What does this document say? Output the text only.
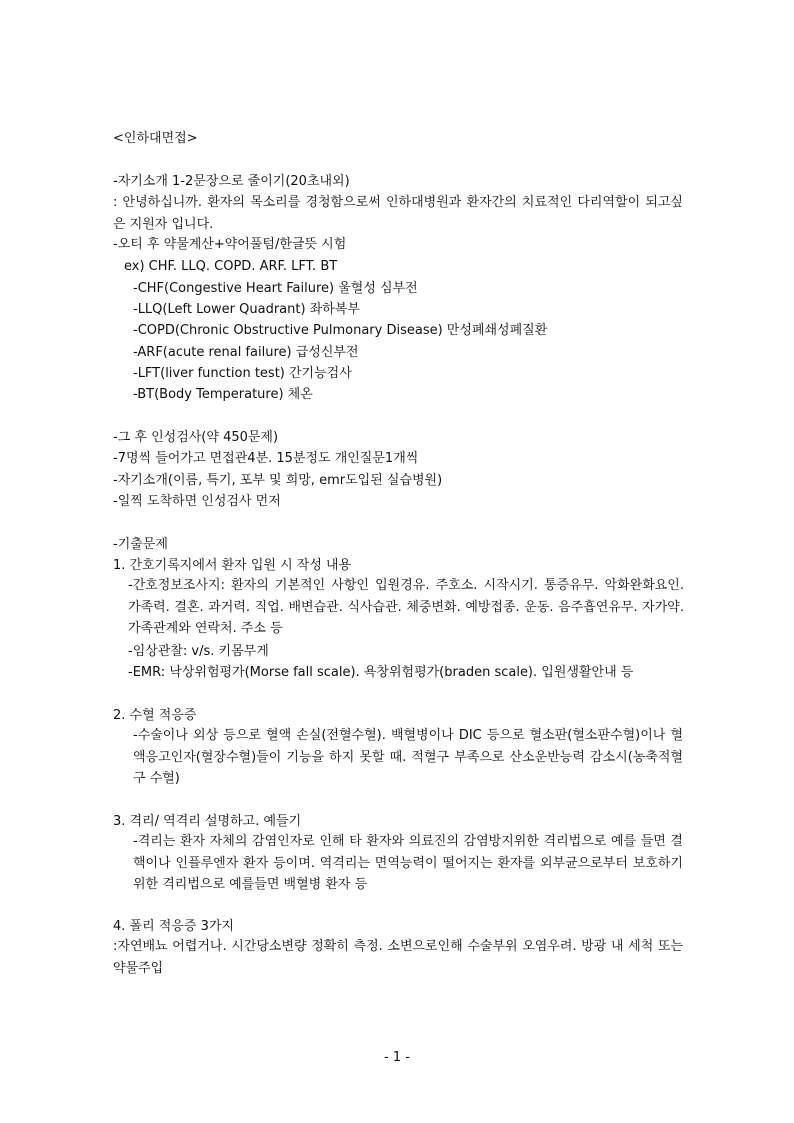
<인하대면접>
-자기소개 1-2문장으로 줄이기(20초내외)
: 안녕하십니까. 환자의 목소리를 경청함으로써 인하대병원과 환자간의 치료적인 다리역할이 되고싶은 지원자 입니다.
-오티 후 약물계산+약어풀텀/한글뜻 시험
ex) CHF. LLQ. COPD. ARF. LFT. BT
-CHF(Congestive Heart Failure) 울혈성 심부전
-LLQ(Left Lower Quadrant) 좌하복부
-COPD(Chronic Obstructive Pulmonary Disease) 만성폐쇄성폐질환
-ARF(acute renal failure) 급성신부전
-LFT(liver function test) 간기능검사
-BT(Body Temperature) 체온
-그 후 인성검사(약 450문제)
-7명씩 들어가고 면접관4분. 15분정도 개인질문1개씩
-자기소개(이름, 특기, 포부 및 희망, emr도입된 실습병원)
-일찍 도착하면 인성검사 먼저
-기출문제
1. 간호기록지에서 환자 입원 시 작성 내용
-간호정보조사지: 환자의 기본적인 사항인 입원경유. 주호소. 시작시기. 통증유무. 악화완화요인. 가족력. 결혼. 과거력. 직업. 배변습관. 식사습관. 체중변화. 예방접종. 운동. 음주흡연유무. 자가약. 가족관계와 연락처. 주소 등
-임상관찰: v/s. 키몸무게
-EMR: 낙상위험평가(Morse fall scale). 욕창위험평가(braden scale). 입원생활안내 등
2. 수혈 적응증
-수술이나 외상 등으로 혈액 손실(전혈수혈). 백혈병이나 DIC 등으로 혈소판(혈소판수혈)이나 혈액응고인자(혈장수혈)들이 기능을 하지 못할 때. 적혈구 부족으로 산소운반능력 감소시(농축적혈구 수혈)
3. 격리/ 역격리 설명하고. 예들기
-격리는 환자 자체의 감염인자로 인해 타 환자와 의료진의 감염방지위한 격리법으로 예를 들면 결핵이나 인플루엔자 환자 등이며. 역격리는 면역능력이 떨어지는 환자를 외부균으로부터 보호하기 위한 격리법으로 예를들면 백혈병 환자 등
4. 폴리 적응증 3가지
:자연배뇨 어렵거나. 시간당소변량 정확히 측정. 소변으로인해 수술부위 오염우려. 방광 내 세척 또는 약물주입
- 1 -
